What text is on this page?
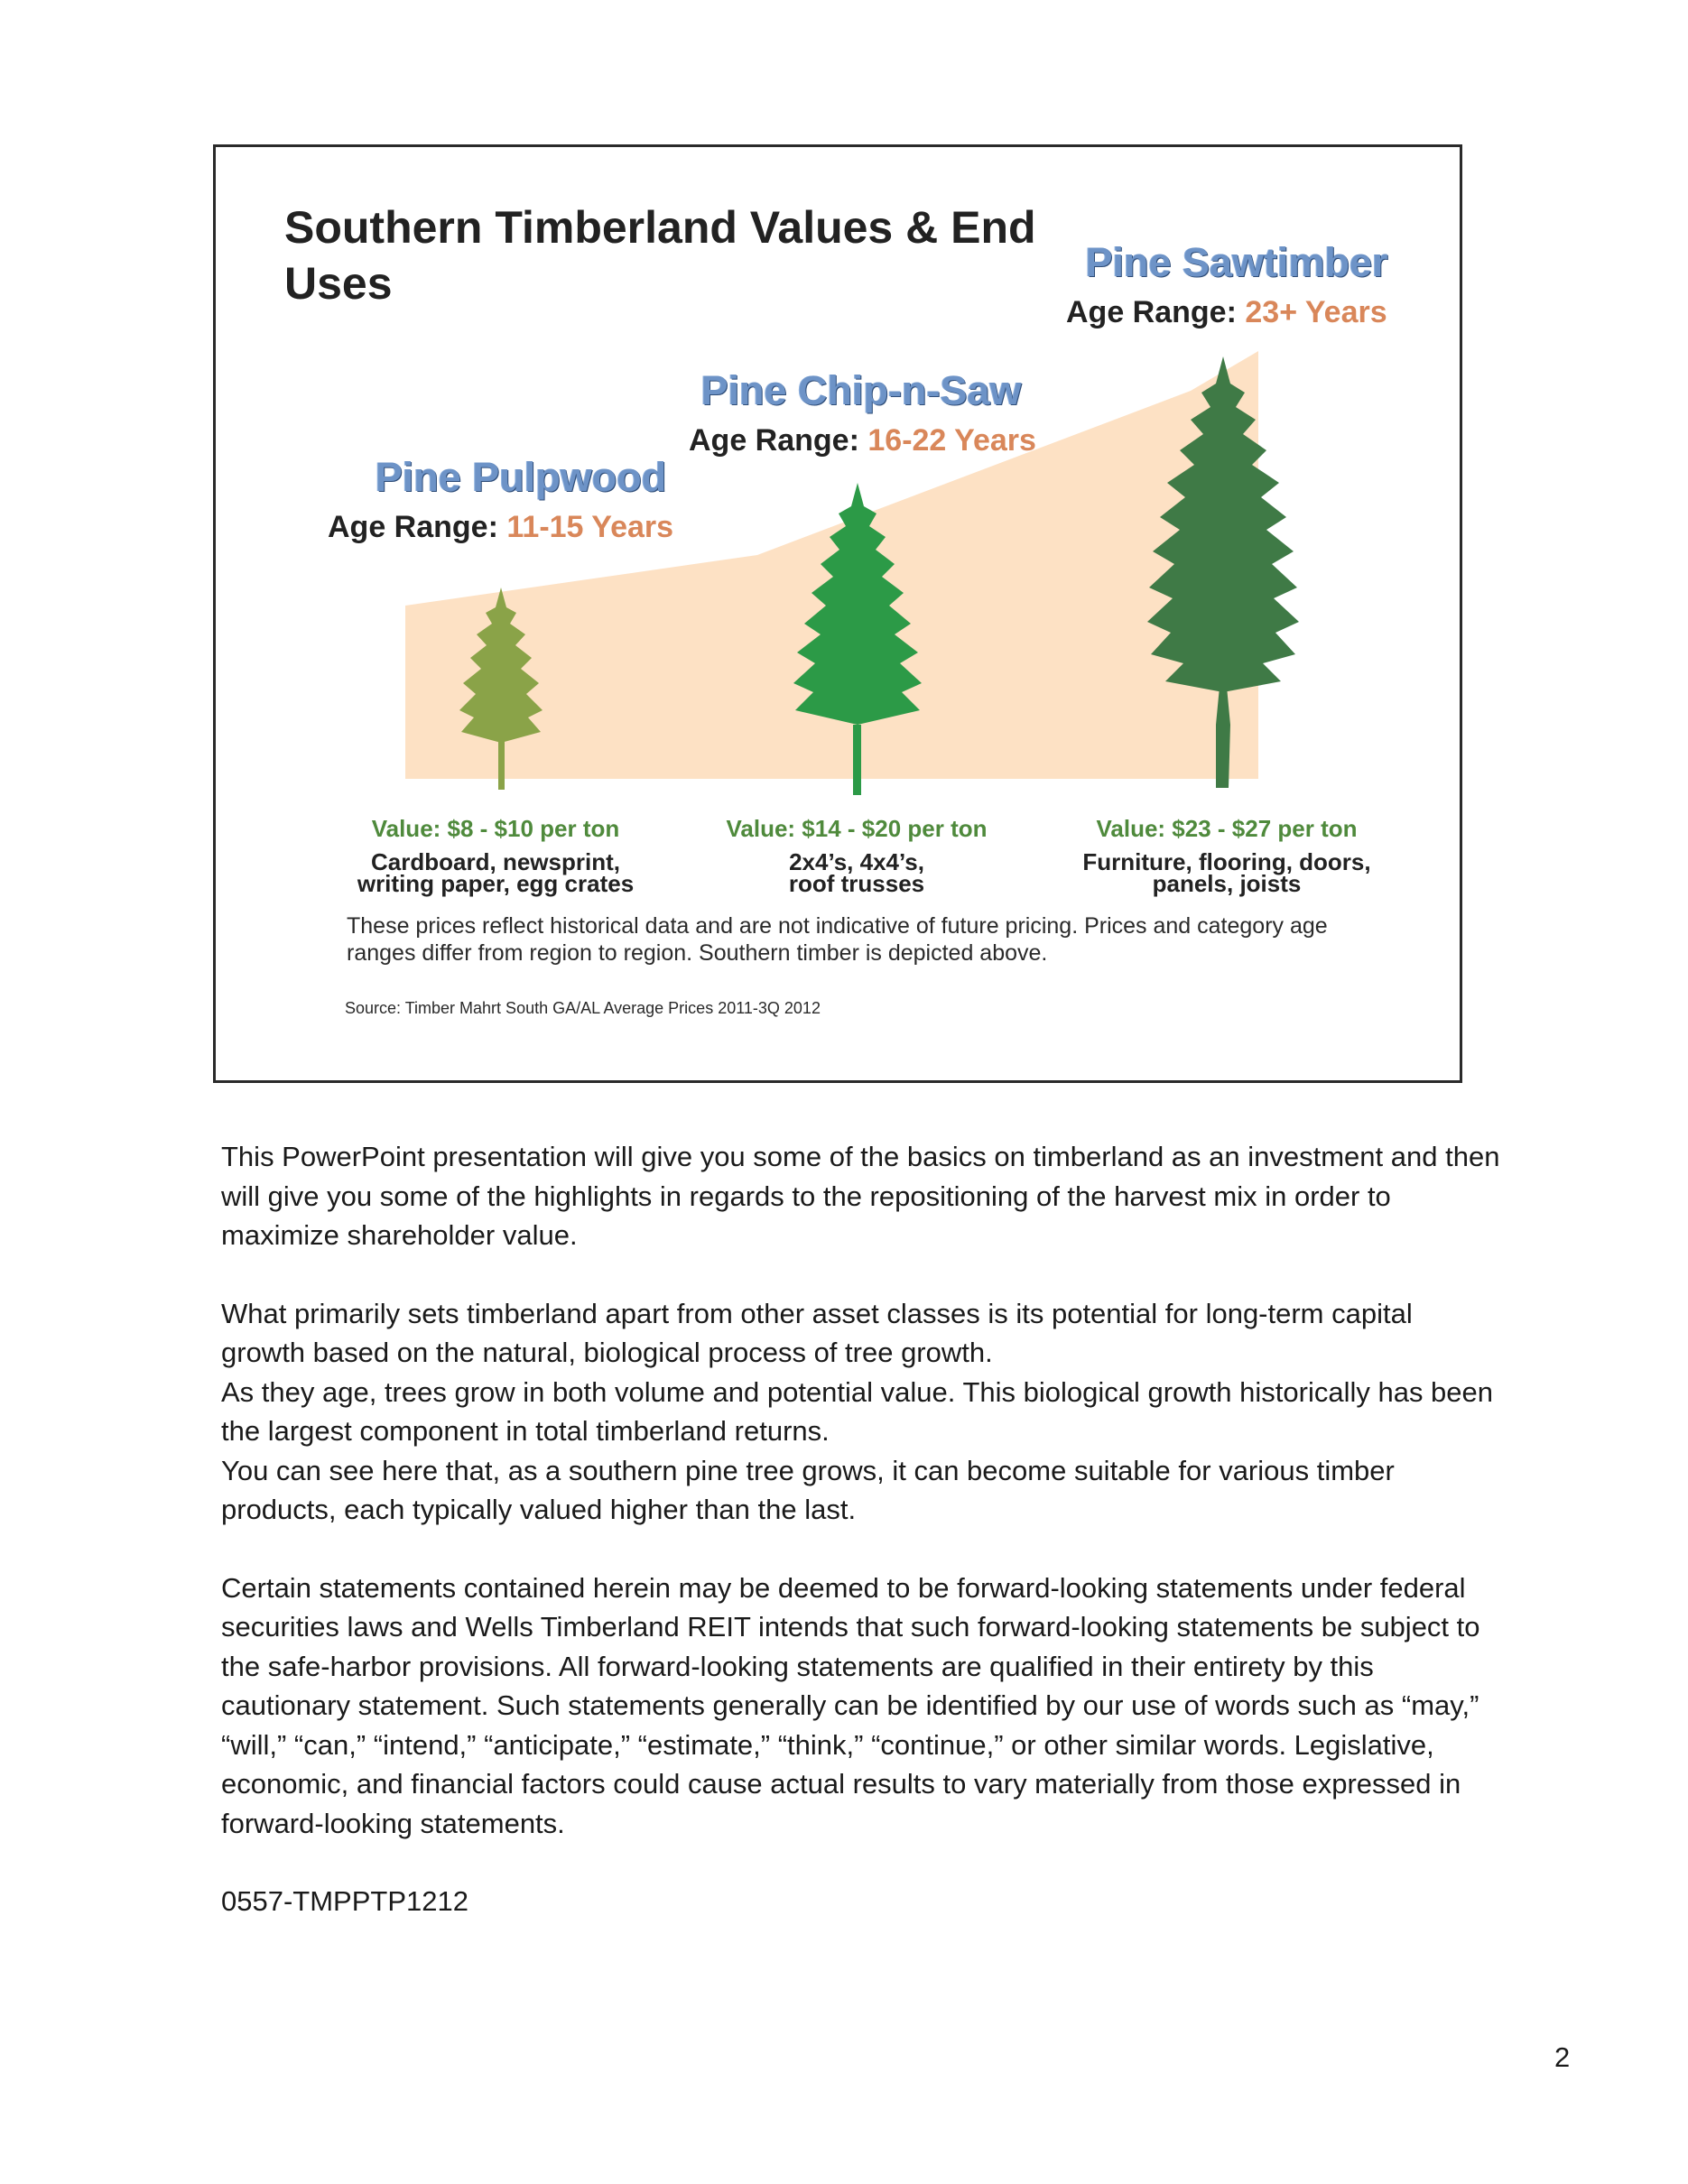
Southern Timberland Values & End Uses
Pine Pulpwood
Age Range: 11-15 Years
Pine Chip-n-Saw
Age Range: 16-22 Years
Pine Sawtimber
Age Range: 23+ Years
Value: $8 - $10 per ton	Value: $14 - $20 per ton	Value: $23 - $27 per ton
Cardboard, newsprint,
writing paper, egg crates
2x4’s, 4x4’s,
roof trusses
Furniture, flooring, doors,
panels, joists
These prices reflect historical data and are not indicative of future pricing. Prices and category age ranges differ from region to region. Southern timber is depicted above.
Source: Timber Mahrt South GA/AL Average Prices 2011-3Q 2012

This PowerPoint presentation will give you some of the basics on timberland as an investment and then will give you some of the highlights in regards to the repositioning of the harvest mix in order to maximize shareholder value.

What primarily sets timberland apart from other asset classes is its potential for long-term capital growth based on the natural, biological process of tree growth.
As they age, trees grow in both volume and potential value. This biological growth historically has been the largest component in total timberland returns.
You can see here that, as a southern pine tree grows, it can become suitable for various timber products, each typically valued higher than the last.

Certain statements contained herein may be deemed to be forward-looking statements under federal securities laws and Wells Timberland REIT intends that such forward-looking statements be subject to the safe-harbor provisions. All forward-looking statements are qualified in their entirety by this cautionary statement. Such statements generally can be identified by our use of words such as “may,” “will,” “can,” “intend,” “anticipate,” “estimate,” “think,” “continue,” or other similar words. Legislative, economic, and financial factors could cause actual results to vary materially from those expressed in forward-looking statements.

0557-TMPPTP1212

2
